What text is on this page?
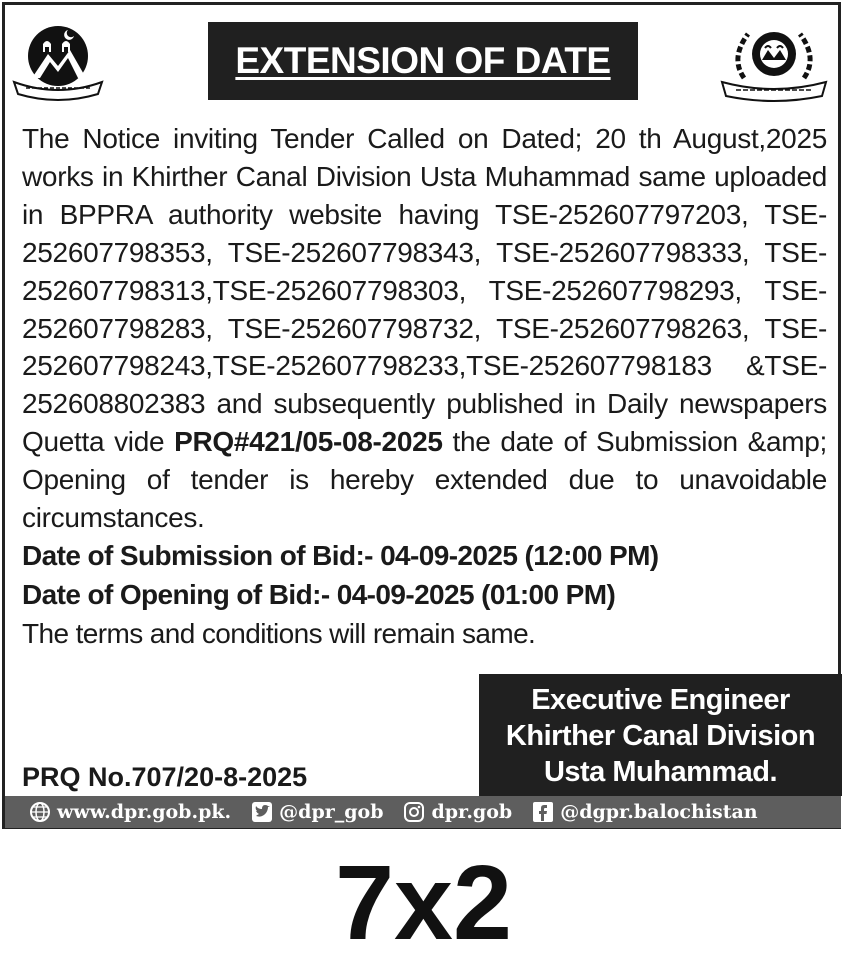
EXTENSION OF DATE

The Notice inviting Tender Called on Dated; 20 th August,2025 works in Khirther Canal Division Usta Muhammad same uploaded in BPPRA authority website having TSE-252607797203, TSE-252607798353, TSE-252607798343, TSE-252607798333, TSE-252607798313,TSE-252607798303, TSE-252607798293, TSE-252607798283, TSE-252607798732, TSE-252607798263, TSE-252607798243,TSE-252607798233,TSE-252607798183 &TSE-252608802383 and subsequently published in Daily newspapers Quetta vide PRQ#421/05-08-2025 the date of Submission &amp; Opening of tender is hereby extended due to unavoidable circumstances.

Date of Submission of Bid:- 04-09-2025 (12:00 PM)
Date of Opening of Bid:- 04-09-2025 (01:00 PM)
The terms and conditions will remain same.
Executive Engineer
Khirther Canal Division
Usta Muhammad.
PRQ No.707/20-8-2025
www.dpr.gob.pk.	@dpr_gob	dpr.gob	@dgpr.balochistan
7x2
